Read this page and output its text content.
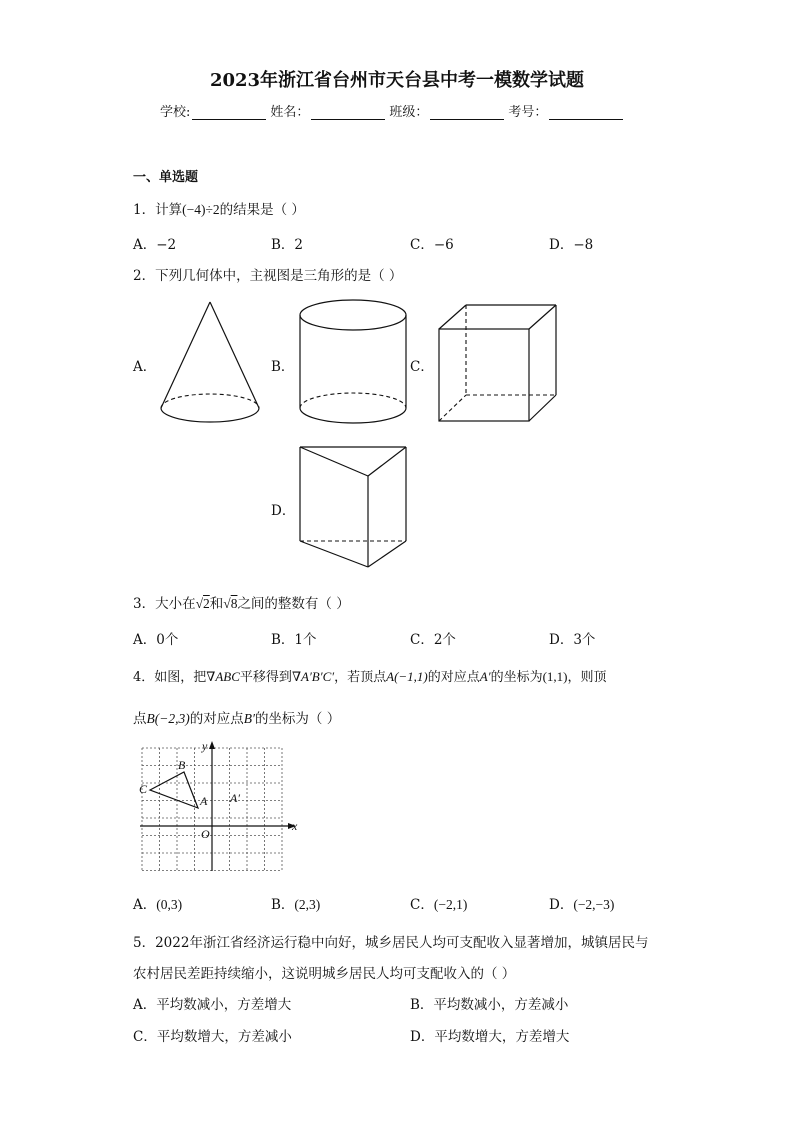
2023年浙江省台州市天台县中考一模数学试题
学校:	姓名：	班级：	考号：
一、单选题
1．计算(−4)÷2的结果是（ ）
A．−2	B．2	C．−6	D．−8
2．下列几何体中，主视图是三角形的是（ ）
A．	B．	C．
D．
3．大小在√2和√8之间的整数有（ ）
A．0个	B．1个	C．2个	D．3个
4．如图，把∇ABC平移得到∇A′B′C′，若顶点A(−1,1)的对应点A′的坐标为(1,1)，则顶
点B(−2,3)的对应点B′的坐标为（ ）
x
y
O
A
B
C
A′
A．(0,3)	B．(2,3)	C．(−2,1)	D．(−2,−3)
5．2022年浙江省经济运行稳中向好，城乡居民人均可支配收入显著增加，城镇居民与
农村居民差距持续缩小，这说明城乡居民人均可支配收入的（ ）
A．平均数减小，方差增大	B．平均数减小，方差减小
C．平均数增大，方差减小	D．平均数增大，方差增大
